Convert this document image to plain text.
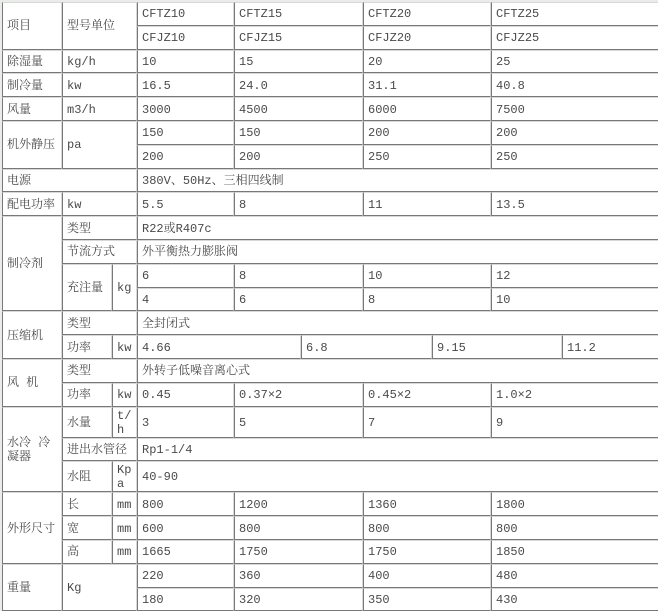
项目	型号单位		CFTZ10	CFTZ15		CFTZ20		CFTZ25	
			CFJZ10	CFJZ15		CFJZ20		CFJZ25	
除湿量	kg/h		10	15		20		25	
制冷量	kw		16.5	24.0		31.1		40.8	
风量	m3/h		3000	4500		6000		7500	
机外静压	pa		150	150		200		200	
			200	200		250		250	
电源			380V、50Hz、三相四线制						
配电功率	kw		5.5	8		11		13.5	
制冷剂	类型		R22或R407c						
	节流方式		外平衡热力膨胀阀						
	充注量	kg	6	8		10		12	
			4	6		8		10	
压缩机	类型		全封闭式						
	功率	kw	4.66		6.8		9.15		11.2
风 机	类型		外转子低噪音离心式						
	功率	kw	0.45	0.37×2		0.45×2		1.0×2	
水冷 冷凝器	水量	t/h	3	5		7		9	
	进出水管径		Rp1-1/4						
	水阻	Kpa	40-90						
外形尺寸	长	mm	800	1200		1360		1800	
	宽	mm	600	800		800		800	
	高	mm	1665	1750		1750		1850	
重量	Kg		220	360		400		480	
			180	320		350		430	
